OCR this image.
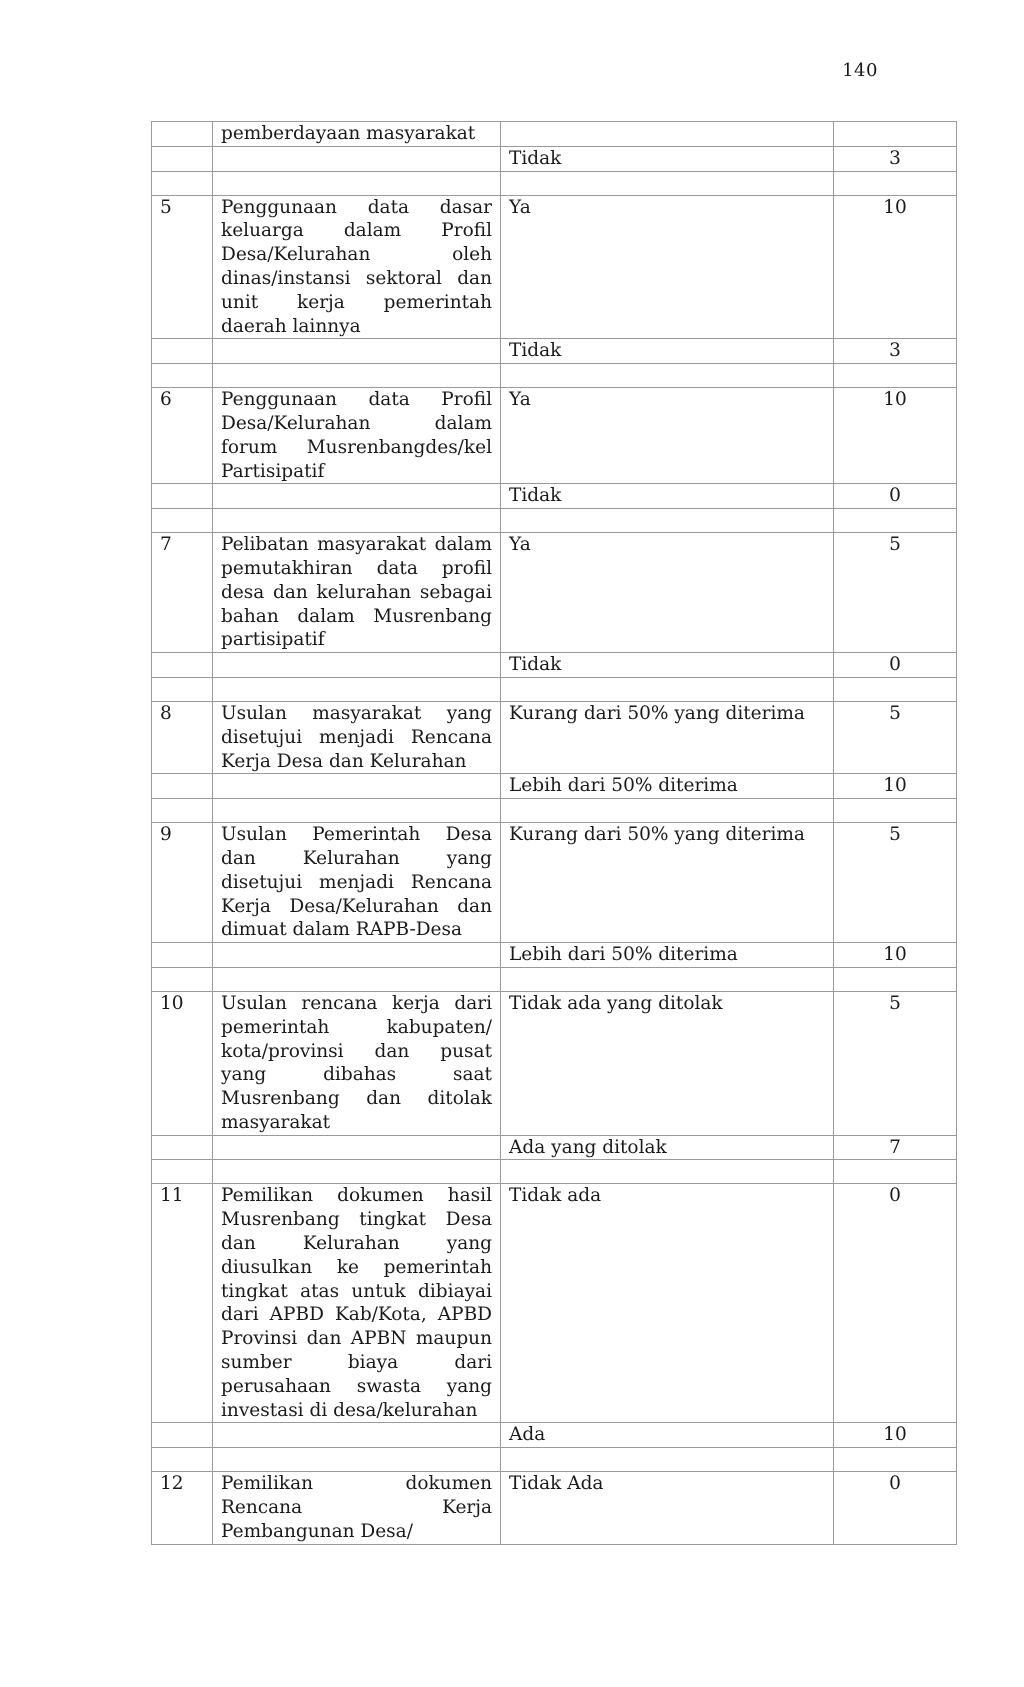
140
	pemberdayaan masyarakat		
		Tidak	3

5	Penggunaan data dasar keluarga dalam Profil Desa/Kelurahan oleh dinas/instansi sektoral dan unit kerja pemerintah daerah lainnya	Ya	10
		Tidak	3

6	Penggunaan data Profil Desa/Kelurahan dalam forum Musrenbangdes/kel Partisipatif	Ya	10
		Tidak	0

7	Pelibatan masyarakat dalam pemutakhiran data profil desa dan kelurahan sebagai bahan dalam Musrenbang partisipatif	Ya	5
		Tidak	0

8	Usulan masyarakat yang disetujui menjadi Rencana Kerja Desa dan Kelurahan	Kurang dari 50% yang diterima	5
		Lebih dari 50% diterima	10

9	Usulan Pemerintah Desa dan Kelurahan yang disetujui menjadi Rencana Kerja Desa/Kelurahan dan dimuat dalam RAPB-Desa	Kurang dari 50% yang diterima	5
		Lebih dari 50% diterima	10

10	Usulan rencana kerja dari pemerintah kabupaten/ kota/provinsi dan pusat yang dibahas saat Musrenbang dan ditolak masyarakat	Tidak ada yang ditolak	5
		Ada yang ditolak	7

11	Pemilikan dokumen hasil Musrenbang tingkat Desa dan Kelurahan yang diusulkan ke pemerintah tingkat atas untuk dibiayai dari APBD Kab/Kota, APBD Provinsi dan APBN maupun sumber biaya dari perusahaan swasta yang investasi di desa/kelurahan	Tidak ada	0
		Ada	10

12	Pemilikan dokumen Rencana Kerja Pembangunan Desa/	Tidak Ada	0
